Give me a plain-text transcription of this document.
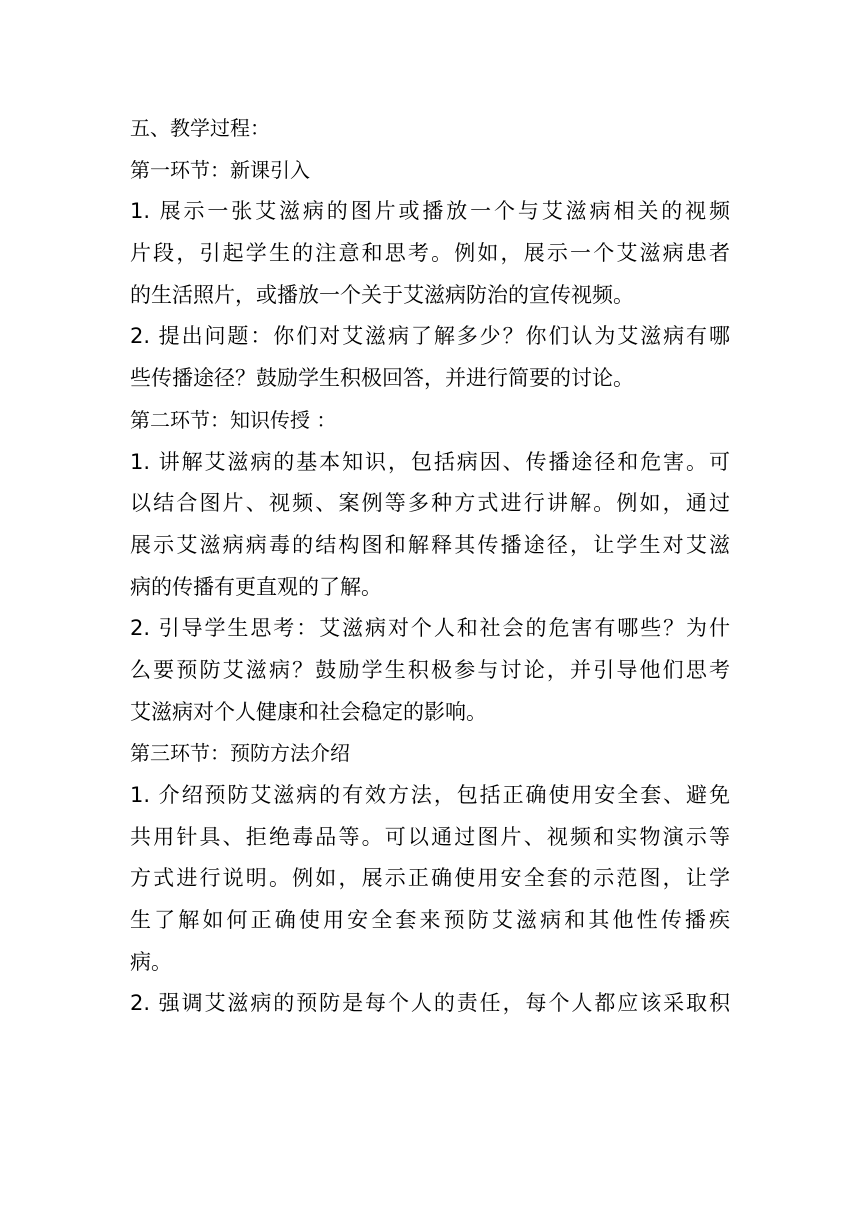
五、教学过程：
第一环节：新课引入
1. 展示一张艾滋病的图片或播放一个与艾滋病相关的视频
片段，引起学生的注意和思考。例如，展示一个艾滋病患者
的生活照片，或播放一个关于艾滋病防治的宣传视频。
2. 提出问题：你们对艾滋病了解多少？你们认为艾滋病有哪
些传播途径？鼓励学生积极回答，并进行简要的讨论。
第二环节：知识传授 ：
1. 讲解艾滋病的基本知识，包括病因、传播途径和危害。可
以结合图片、视频、案例等多种方式进行讲解。例如，通过
展示艾滋病病毒的结构图和解释其传播途径，让学生对艾滋
病的传播有更直观的了解。
2. 引导学生思考：艾滋病对个人和社会的危害有哪些？为什
么要预防艾滋病？鼓励学生积极参与讨论，并引导他们思考
艾滋病对个人健康和社会稳定的影响。
第三环节：预防方法介绍
1. 介绍预防艾滋病的有效方法，包括正确使用安全套、避免
共用针具、拒绝毒品等。可以通过图片、视频和实物演示等
方式进行说明。例如，展示正确使用安全套的示范图，让学
生了解如何正确使用安全套来预防艾滋病和其他性传播疾
病。
2. 强调艾滋病的预防是每个人的责任，每个人都应该采取积
